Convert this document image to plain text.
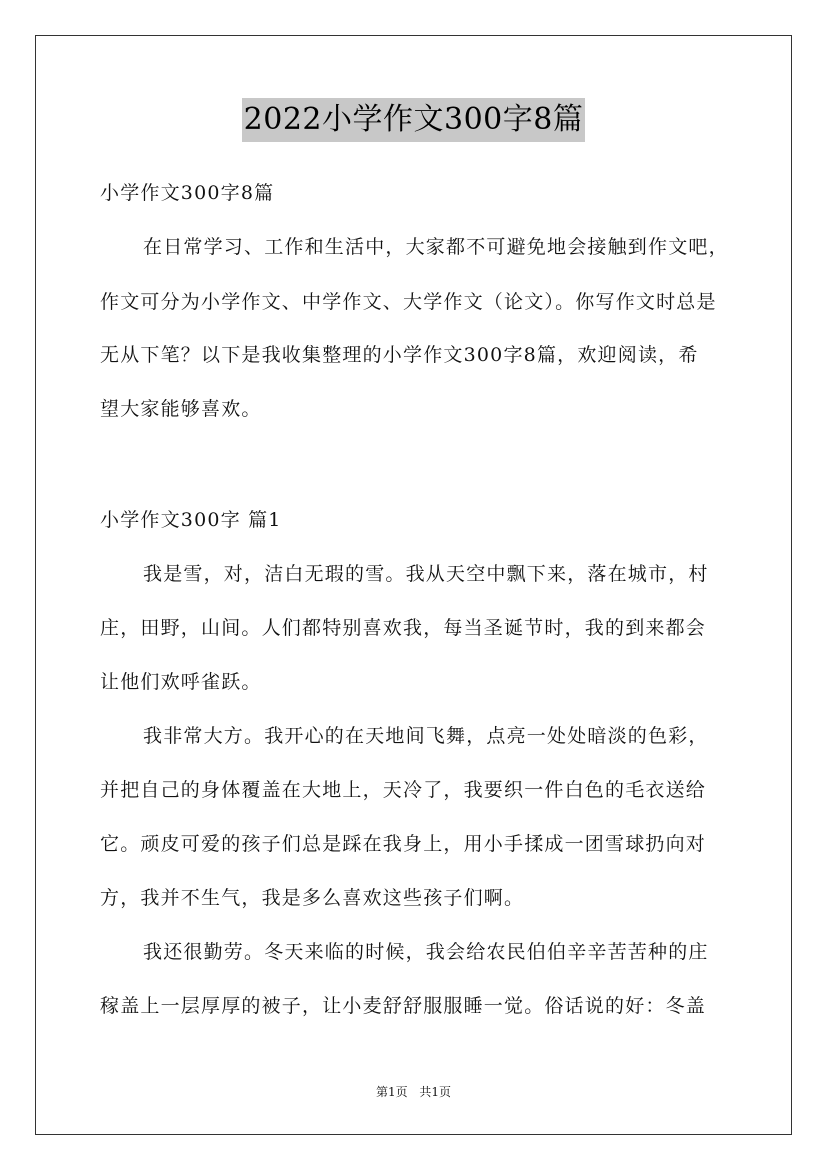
2022小学作文300字8篇
小学作文300字8篇
在日常学习、工作和生活中，大家都不可避免地会接触到作文吧，
作文可分为小学作文、中学作文、大学作文（论文）。你写作文时总是
无从下笔？以下是我收集整理的小学作文300字8篇，欢迎阅读，希
望大家能够喜欢。
小学作文300字 篇1
我是雪，对，洁白无瑕的雪。我从天空中飘下来，落在城市，村
庄，田野，山间。人们都特别喜欢我，每当圣诞节时，我的到来都会
让他们欢呼雀跃。
我非常大方。我开心的在天地间飞舞，点亮一处处暗淡的色彩，
并把自己的身体覆盖在大地上，天冷了，我要织一件白色的毛衣送给
它。顽皮可爱的孩子们总是踩在我身上，用小手揉成一团雪球扔向对
方，我并不生气，我是多么喜欢这些孩子们啊。
我还很勤劳。冬天来临的时候，我会给农民伯伯辛辛苦苦种的庄
稼盖上一层厚厚的被子，让小麦舒舒服服睡一觉。俗话说的好：冬盖
第1页 共1页
